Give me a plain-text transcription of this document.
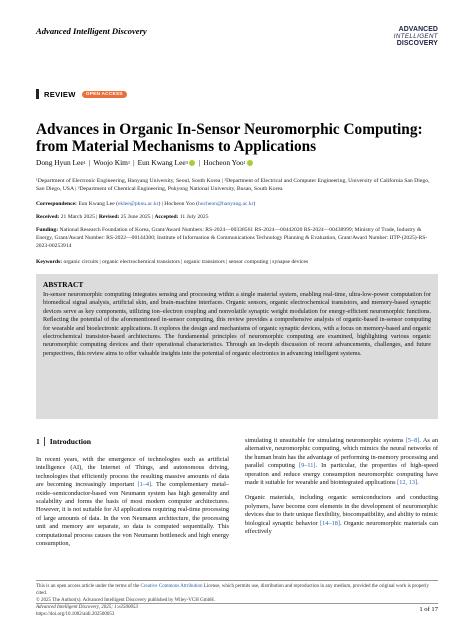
Advanced Intelligent Discovery	ADVANCED
INTELLIGENT
DISCOVERY
REVIEW	OPEN ACCESS
Advances in Organic In-Sensor Neuromorphic Computing: from Material Mechanisms to Applications
Dong Hyun Lee 1 | Woojo Kim 1 | Eun Kwang Lee 3 | Hocheon Yoo 1
¹Department of Electronic Engineering, Hanyang University, Seoul, South Korea | ²Department of Electrical and Computer Engineering, University of California San Diego, San Diego, USA | ³Department of Chemical Engineering, Pukyong National University, Busan, South Korea
Correspondence: Eun Kwang Lee (eklee@pknu.ac.kr) | Hocheon Yoo (hocheon@hanyang.ac.kr)
Received: 21 March 2025 | Revised: 25 June 2025 | Accepted: 11 July 2025
Funding: National Research Foundation of Korea, Grant/Award Numbers: RS-2024—00338561 RS-2024—00442020 RS-2024—00438999; Ministry of Trade, Industry & Energy, Grant/Award Number: RS-2022—00144300; Institute of Information & Communications Technology Planning & Evaluation, Grant/Award Number: IITP-(2025)-RS-2023-00253914
Keywords: organic circuits | organic electrochemical transistors | organic transistors | sensor computing | synapse devices
ABSTRACT
In-sensor neuromorphic computing integrates sensing and processing within a single material system, enabling real-time, ultra-low-power computation for biomedical signal analysis, artificial skin, and brain-machine interfaces. Organic sensors, organic electrochemical transistors, and memory-based synaptic devices serve as key components, utilizing ion–electron coupling and nonvolatile synaptic weight modulation for energy-efficient neuromorphic functions. Reflecting the potential of the aforementioned in-sensor computing, this review provides a comprehensive analysis of organic-based in-sensor computing for wearable and bioelectronic applications. It explores the design and mechanisms of organic synaptic devices, with a focus on memory-based and organic electrochemical transistor-based architectures. The fundamental principles of neuromorphic computing are examined, highlighting various organic neuromorphic computing devices and their operational characteristics. Through an in-depth discussion of recent advancements, challenges, and future perspectives, this review aims to offer valuable insights into the potential of organic electronics in advancing intelligent systems.
1 Introduction

In recent years, with the emergence of technologies such as artificial intelligence (AI), the Internet of Things, and autonomous driving, technologies that efficiently process the resulting massive amounts of data are becoming increasingly important [1–4]. The complementary metal–oxide–semiconductor-based von Neumann system has high generality and scalability and forms the basis of most modern computer architectures. However, it is not suitable for AI applications requiring real-time processing of large amounts of data. In the von Neumann architecture, the processing unit and memory are separate, so data is computed sequentially. This computational process causes the von Neumann bottleneck and high energy consumption,

simulating it unsuitable for simulating neuromorphic systems [5–8]. As an alternative, neuromorphic computing, which mimics the neural networks of the human brain has the advantage of performing in-memory processing and parallel computing [9–11]. In particular, the properties of high-speed operation and reduce energy consumption neuromorphic computing have made it suitable for wearable and biointegrated applications [12, 13].

Organic materials, including organic semiconductors and conducting polymers, have become core elements in the development of neuromorphic devices due to their unique flexibility, biocompatibility, and ability to mimic biological synaptic behavior [14–18]. Organic neuromorphic materials can effectively

This is an open access article under the terms of the Creative Commons Attribution License, which permits use, distribution and reproduction in any medium, provided the original work is properly cited.
© 2025 The Author(s). Advanced Intelligent Discovery published by Wiley-VCH GmbH.
Advanced Intelligent Discovery, 2025; 1:e2500053
https://doi.org/10.1002/aidi.202500053
1 of 17
